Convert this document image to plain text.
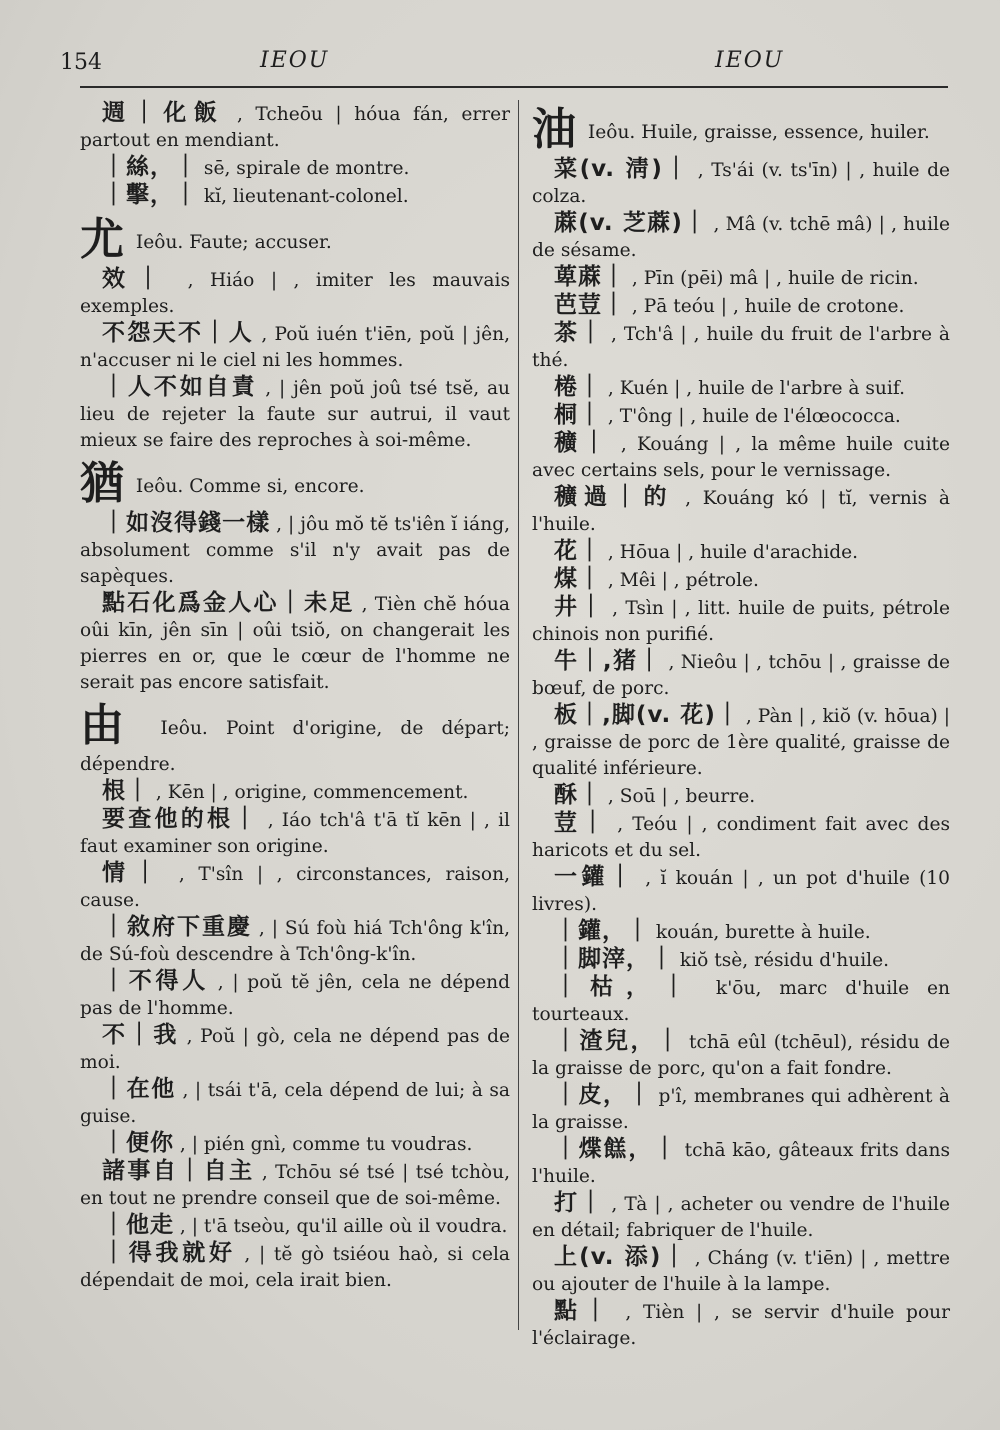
154	IEOU	IEOU

週｜化飯 , Tcheōu | hóua fán, errer partout en mendiant.

｜絲，｜ sē, spirale de montre.

｜擊，｜ kĭ, lieutenant-colonel.

尤 Ieôu. Faute; accuser.

效｜ , Hiáo | , imiter les mauvais exemples.

不怨天不｜人 , Poŭ iuén t'iēn, poŭ | jên, n'accuser ni le ciel ni les hommes.

｜人不如自責 , | jên poŭ joû tsé tsĕ, au lieu de rejeter la faute sur autrui, il vaut mieux se faire des reproches à soi-même.

猶 Ieôu. Comme si, encore.

｜如沒得錢一樣 , | jôu mŏ tĕ ts'iên ĭ iáng, absolument comme s'il n'y avait pas de sapèques.

點石化爲金人心｜未足 , Tièn chĕ hóua oûi kīn, jên sīn | oûi tsiŏ, on changerait les pierres en or, que le cœur de l'homme ne serait pas encore satisfait.

由 Ieôu. Point d'origine, de départ; dépendre.

根｜ , Kēn | , origine, commencement.

要查他的根｜ , Iáo tch'â t'ā tĭ kēn | , il faut examiner son origine.

情｜ , T'sîn | , circonstances, raison, cause.

｜敘府下重慶 , | Sú foù hiá Tch'ông k'în, de Sú-foù descendre à Tch'ông-k'în.

｜不得人 , | poŭ tĕ jên, cela ne dépend pas de l'homme.

不｜我 , Poŭ | gò, cela ne dépend pas de moi.

｜在他 , | tsái t'ā, cela dépend de lui; à sa guise.

｜便你 , | pién gnì, comme tu voudras.

諸事自｜自主 , Tchōu sé tsé | tsé tchòu, en tout ne prendre conseil que de soi-même.

｜他走 , | t'ā tseòu, qu'il aille où il voudra.

｜得我就好 , | tĕ gò tsiéou haò, si cela dépendait de moi, cela irait bien.

油 Ieôu. Huile, graisse, essence, huiler.

菜(v. 淸)｜ , Ts'ái (v. ts'īn) | , huile de colza.

蔴(v. 芝蔴)｜ , Mâ (v. tchē mâ) | , huile de sésame.

萆蔴｜ , Pīn (pēi) mâ | , huile de ricin.

芭荳｜ , Pā teóu | , huile de crotone.

茶｜ , Tch'â | , huile du fruit de l'arbre à thé.

棬｜ , Kuén | , huile de l'arbre à suif.

桐｜ , T'ông | , huile de l'élœococca.

穬｜ , Kouáng | , la même huile cuite avec certains sels, pour le vernissage.

穬過｜的 , Kouáng kó | tĭ, vernis à l'huile.

花｜ , Hōua | , huile d'arachide.

煤｜ , Mêi | , pétrole.

井｜ , Tsìn | , litt. huile de puits, pétrole chinois non purifié.

牛｜,猪｜ , Nieôu | , tchōu | , graisse de bœuf, de porc.

板｜,脚(v. 花)｜ , Pàn | , kiŏ (v. hōua) | , graisse de porc de 1ère qualité, graisse de qualité inférieure.

酥｜ , Soū | , beurre.

荳｜ , Teóu | , condiment fait avec des haricots et du sel.

一鑵｜ , ĭ kouán | , un pot d'huile (10 livres).

｜鑵，｜ kouán, burette à huile.

｜脚滓，｜ kiŏ tsè, résidu d'huile.

｜枯，｜ k'ōu, marc d'huile en tourteaux.

｜渣兒，｜ tchā eûl (tchēul), résidu de la graisse de porc, qu'on a fait fondre.

｜皮，｜ p'î, membranes qui adhèrent à la graisse.

｜煠餻，｜ tchā kāo, gâteaux frits dans l'huile.

打｜ , Tà | , acheter ou vendre de l'huile en détail; fabriquer de l'huile.

上(v. 添)｜ , Cháng (v. t'iēn) | , mettre ou ajouter de l'huile à la lampe.

點｜ , Tièn | , se servir d'huile pour l'éclairage.
